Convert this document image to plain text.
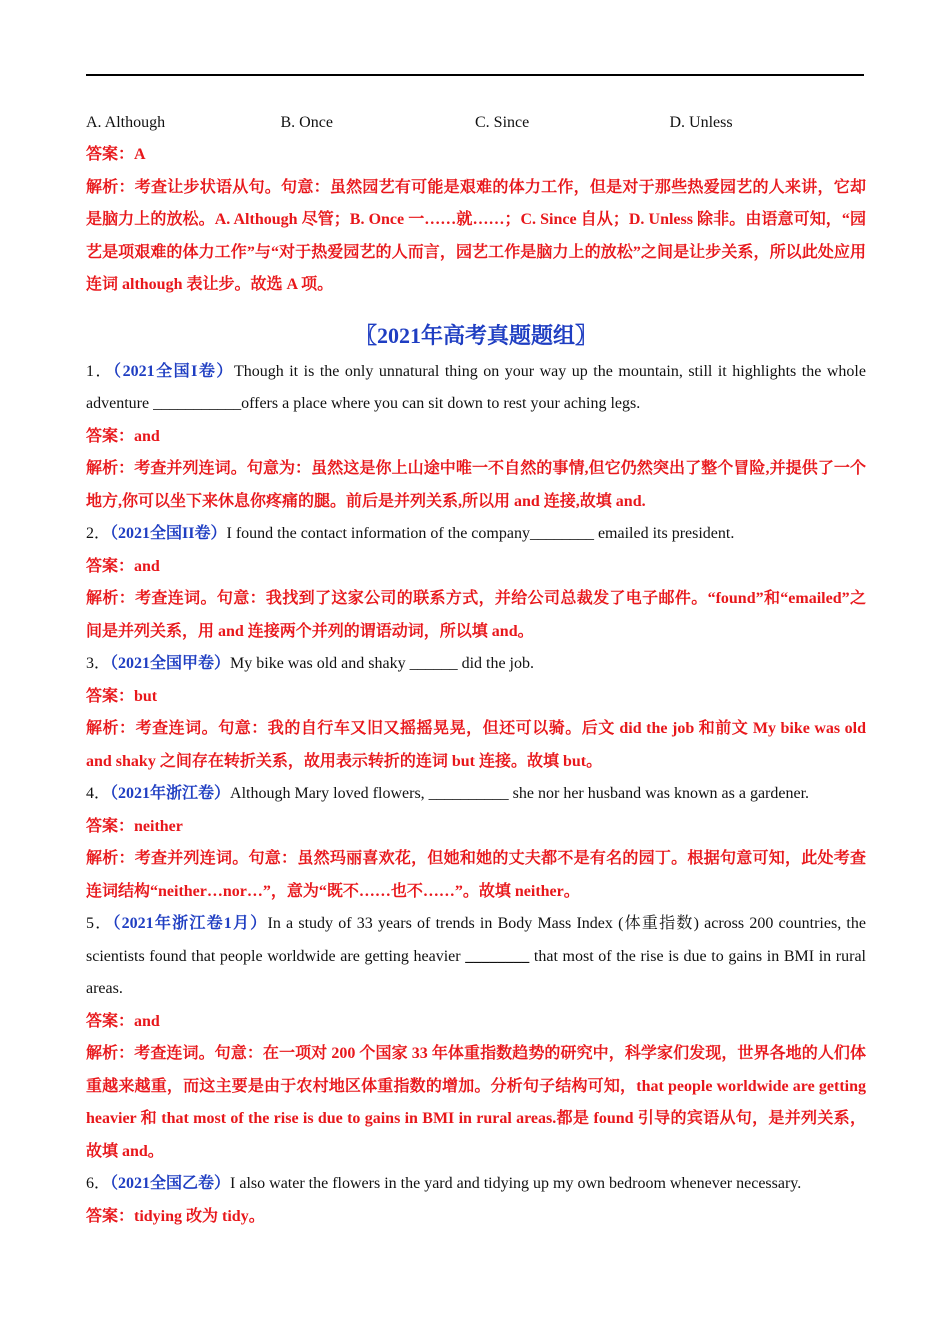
A. Although	B. Once	C. Since	D. Unless
答案：A
解析：考查让步状语从句。句意：虽然园艺有可能是艰难的体力工作，但是对于那些热爱园艺的人来讲，它却是脑力上的放松。A. Although 尽管；B. Once 一……就……；C. Since 自从；D. Unless 除非。由语意可知，“园艺是项艰难的体力工作”与“对于热爱园艺的人而言，园艺工作是脑力上的放松”之间是让步关系，所以此处应用连词 although 表让步。故选 A 项。
〖2021年高考真题题组〗
1．（2021全国I卷）Though it is the only unnatural thing on your way up the mountain, still it highlights the whole adventure ___________offers a place where you can sit down to rest your aching legs.
答案：and
解析：考查并列连词。句意为：虽然这是你上山途中唯一不自然的事情,但它仍然突出了整个冒险,并提供了一个地方,你可以坐下来休息你疼痛的腿。前后是并列关系,所以用 and 连接,故填 and.
2．（2021全国II卷）I found the contact information of the company________ emailed its president.
答案：and
解析：考查连词。句意：我找到了这家公司的联系方式，并给公司总裁发了电子邮件。“found”和“emailed”之间是并列关系，用 and 连接两个并列的谓语动词，所以填 and。
3．（2021全国甲卷）My bike was old and shaky ______ did the job.
答案：but
解析：考查连词。句意：我的自行车又旧又摇摇晃晃，但还可以骑。后文 did the job 和前文 My bike was old and shaky 之间存在转折关系，故用表示转折的连词 but 连接。故填 but。
4．（2021年浙江卷）Although Mary loved flowers, __________ she nor her husband was known as a gardener.
答案：neither
解析：考查并列连词。句意：虽然玛丽喜欢花，但她和她的丈夫都不是有名的园丁。根据句意可知，此处考查连词结构“neither…nor…”，意为“既不……也不……”。故填 neither。
5．（2021年浙江卷1月）In a study of 33 years of trends in Body Mass Index (体重指数) across 200 countries, the scientists found that people worldwide are getting heavier ________ that most of the rise is due to gains in BMI in rural areas.
答案：and
解析：考查连词。句意：在一项对 200 个国家 33 年体重指数趋势的研究中，科学家们发现，世界各地的人们体重越来越重，而这主要是由于农村地区体重指数的增加。分析句子结构可知，that people worldwide are getting heavier 和 that most of the rise is due to gains in BMI in rural areas.都是 found 引导的宾语从句，是并列关系，故填 and。
6．（2021全国乙卷）I also water the flowers in the yard and tidying up my own bedroom whenever necessary.
答案：tidying 改为 tidy。
